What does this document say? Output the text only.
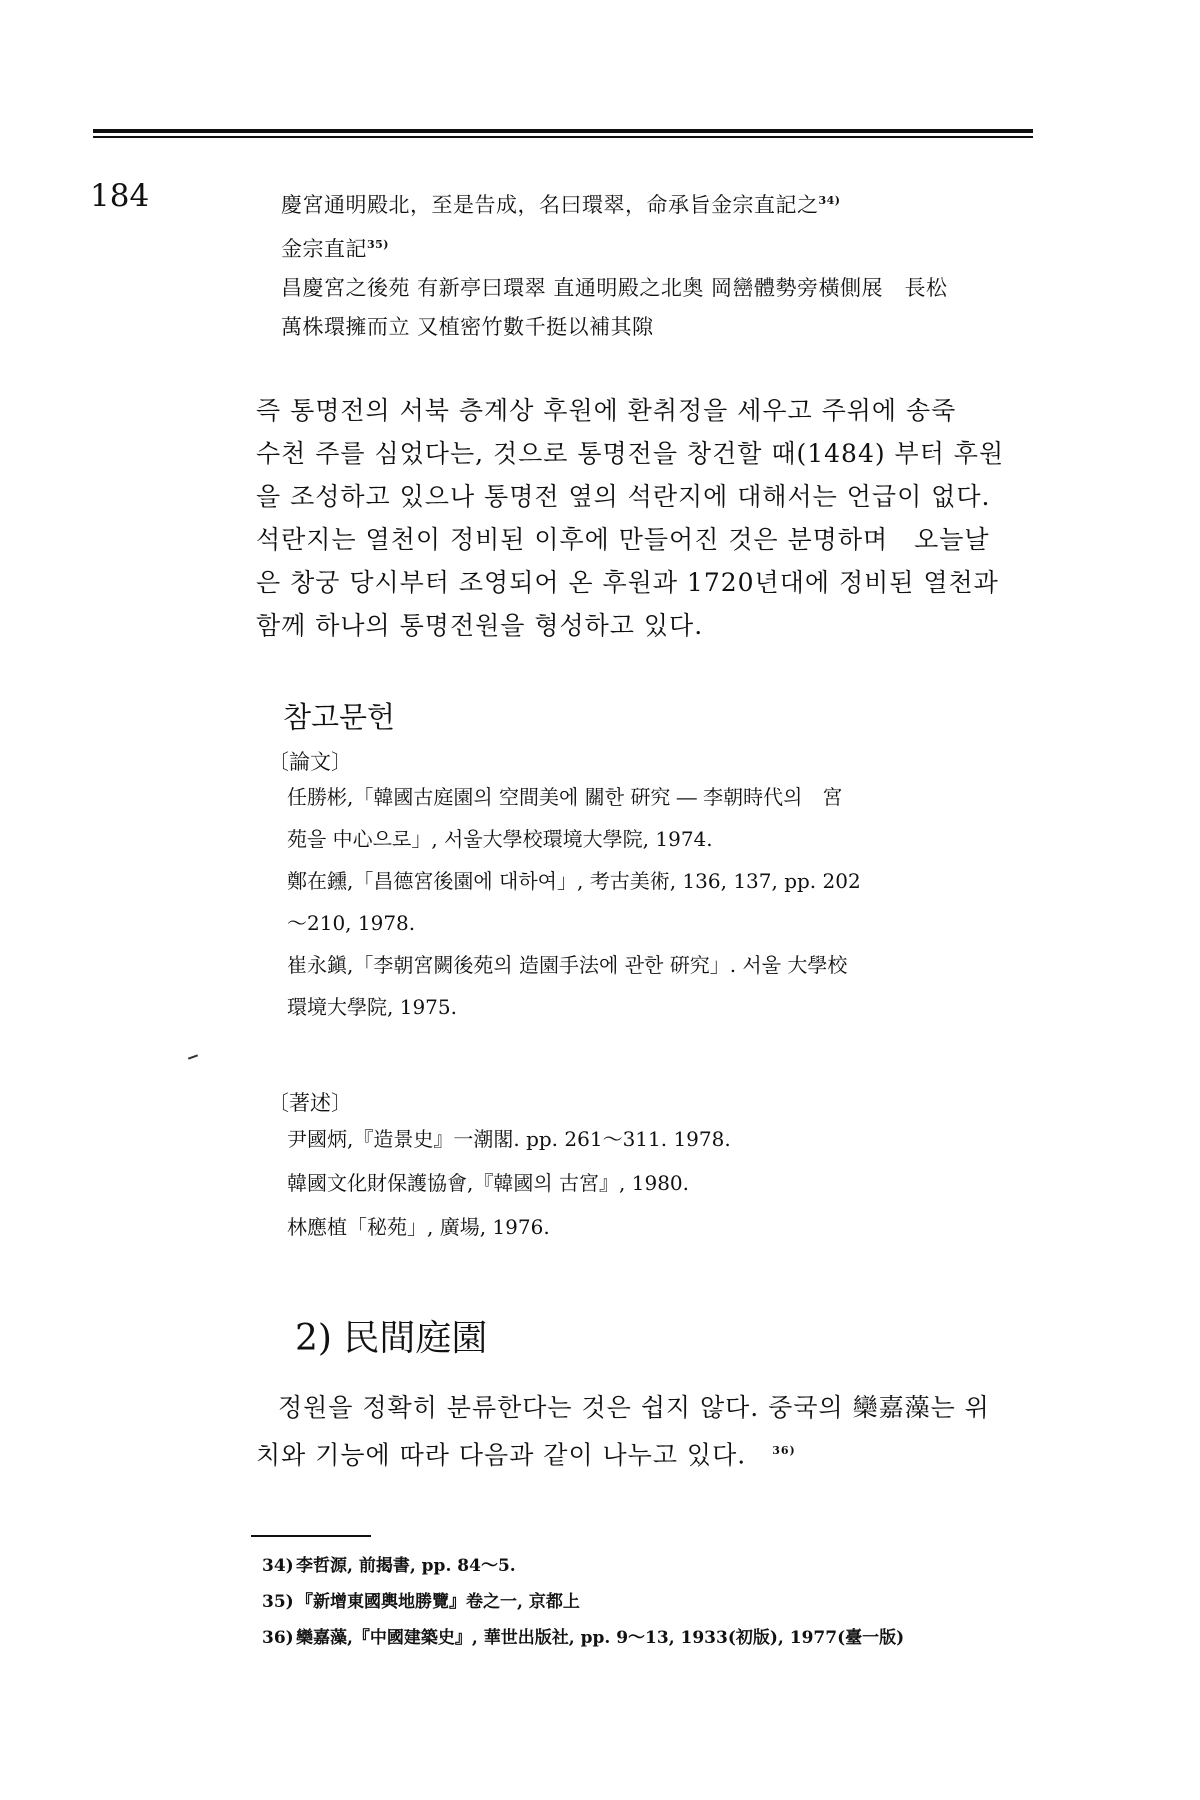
184	慶宮通明殿北，至是告成，名曰環翠，命承旨金宗直記之$^{34)}$
金宗直記$^{35)}$
昌慶宮之後苑 有新亭曰環翠 直通明殿之北奥 岡巒體勢旁橫側展　長松
萬株環擁而立 又植密竹數千挺以補其隙

즉 통명전의 서북 층계상 후원에 환취정을 세우고 주위에 송죽

수천 주를 심었다는, 것으로 통명전을 창건할 때(1484) 부터 후원

을 조성하고 있으나 통명전 옆의 석란지에 대해서는 언급이 없다.

석란지는 열천이 정비된 이후에 만들어진 것은 분명하며　오늘날

은 창궁 당시부터 조영되어 온 후원과 1720년대에 정비된 열천과

함께 하나의 통명전원을 형성하고 있다.

참고문헌
〔論文〕
任勝彬,「韓國古庭園의 空間美에 關한 硏究 ― 李朝時代의　宮
苑을 中心으로」, 서울大學校環境大學院, 1974.
鄭在鑂,「昌德宮後園에 대하여」, 考古美術, 136, 137, pp. 202
～210, 1978.
崔永鎭,「李朝宮闕後苑의 造園手法에 관한 硏究」. 서울 大學校
環境大學院, 1975.
〔著述〕
尹國炳,『造景史』一潮閣. pp. 261～311. 1978.
韓國文化財保護協會,『韓國의 古宮』, 1980.
林應植「秘苑」, 廣場, 1976.
2) 民間庭園

정원을 정확히 분류한다는 것은 쉽지 않다. 중국의 欒嘉藻는 위

치와 기능에 따라 다음과 같이 나누고 있다.　 $^{36)}$

34) 李哲源, 前揭書, pp. 84～5.
35) 『新增東國輿地勝覽』卷之一, 京都上
36) 欒嘉藻,『中國建築史』, 華世出版社, pp. 9～13, 1933(初版), 1977(臺一版)
